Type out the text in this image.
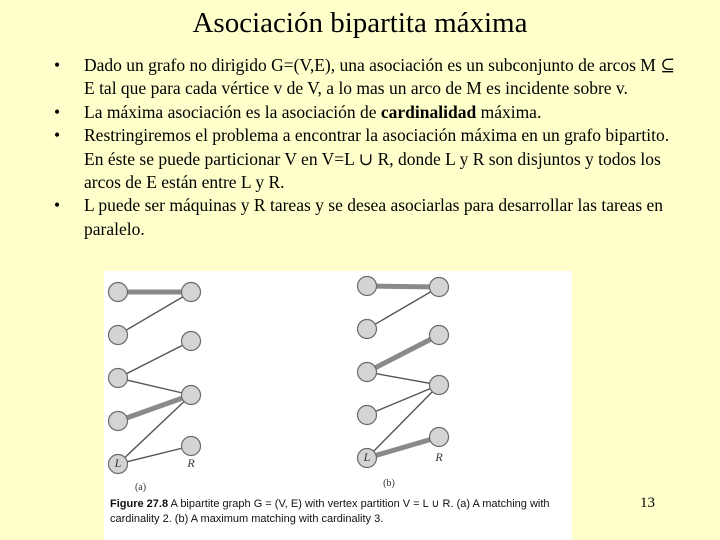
Asociación bipartita máxima
• Dado un grafo no dirigido G=(V,E), una asociación es un subconjunto de arcos M ⊆ E tal que para cada vértice v de V, a lo mas un arco de M es incidente sobre v.
• La máxima asociación es la asociación de cardinalidad máxima.
• Restringiremos el problema a encontrar la asociación máxima en un grafo bipartito. En éste se puede particionar V en V=L ∪ R, donde L y R son disjuntos y todos los arcos de E están entre L y R.
• L puede ser máquinas y R tareas y se desea asociarlas para desarrollar las tareas en paralelo.
L	R
(a)
L	R
(b)
Figure 27.8 A bipartite graph G = (V, E) with vertex partition V = L ∪ R. (a) A matching with cardinality 2. (b) A maximum matching with cardinality 3.
13
